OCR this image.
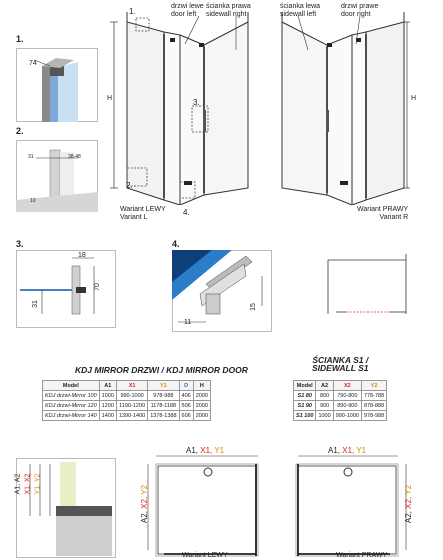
drzwi lewe
door left
ścianka prawa
sidewall right
ścianka lewa
sidewall left
drzwi prawe
door right
H	H
1.
2.
3.
4.
Wariant LEWY
Variant L
Wariant PRAWY
Variant R
1.
74
2.
31	38-48
10
3.
18
70
31
4.
15
11
KDJ MIRROR DRZWI / KDJ MIRROR DOOR
Model	A1	X1	Y1	D	H
KDJ drzwi-Mirror 100	1000	990-1000	978-988	406	2000
KDJ drzwi-Mirror 120	1200	1190-1200	1178-1188	506	2000
KDJ drzwi-Mirror 140	1400	1390-1400	1378-1388	606	2000
ŚCIANKA S1 /
SIDEWALL S1
Model	A2	X2	Y2
S1 80	800	790-800	778-788
S1 90	900	890-900	878-888
S1 100	1000	990-1000	978-988
A1, A2 X1, X2 Y1, Y2
A1, X1, Y1
A2, X2, Y2
Wariant LEWY
A1, X1, Y1
A2, X2, Y2
Wariant PRAWY
